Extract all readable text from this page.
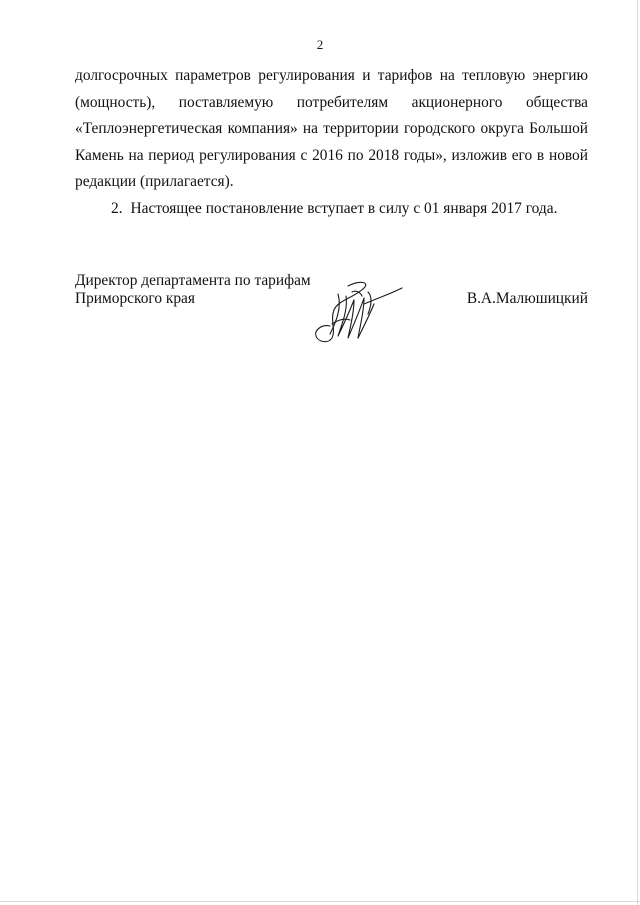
2

долгосрочных параметров регулирования и тарифов на тепловую энергию
(мощность), поставляемую потребителям акционерного общества
«Теплоэнергетическая компания» на территории городского округа Большой
Камень на период регулирования с 2016 по 2018 годы», изложив его в новой
редакции (прилагается).

2. Настоящее постановление вступает в силу с 01 января 2017 года.

Директор департамента по тарифам
Приморского края	В.А.Малюшицкий
